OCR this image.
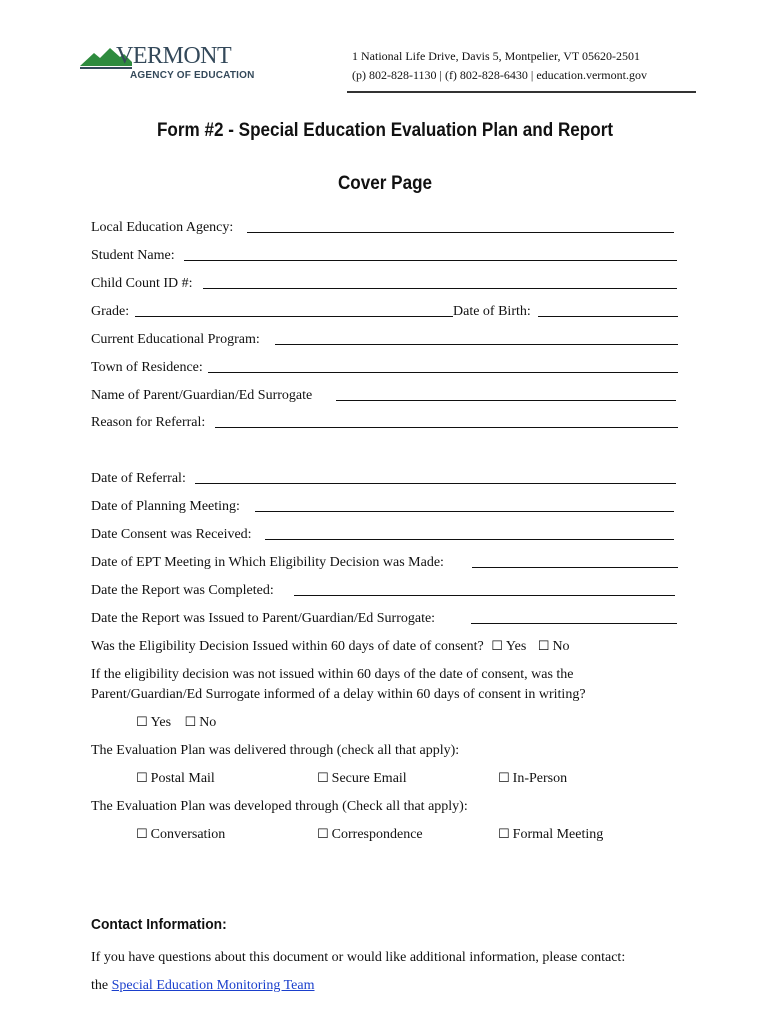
VERMONT
AGENCY OF EDUCATION
1 National Life Drive, Davis 5, Montpelier, VT 05620-2501
(p) 802-828-1130 | (f) 802-828-6430 | education.vermont.gov
Form #2 - Special Education Evaluation Plan and Report
Cover Page
Local Education Agency:
Student Name:
Child Count ID #:
Grade:	Date of Birth:
Current Educational Program:
Town of Residence:
Name of Parent/Guardian/Ed Surrogate
Reason for Referral:
Date of Referral:
Date of Planning Meeting:
Date Consent was Received:
Date of EPT Meeting in Which Eligibility Decision was Made:
Date the Report was Completed:
Date the Report was Issued to Parent/Guardian/Ed Surrogate:
Was the Eligibility Decision Issued within 60 days of date of consent? ☐ Yes ☐ No
If the eligibility decision was not issued within 60 days of the date of consent, was the
Parent/Guardian/Ed Surrogate informed of a delay within 60 days of consent in writing?
☐ Yes ☐ No
The Evaluation Plan was delivered through (check all that apply):
☐ Postal Mail	☐ Secure Email	☐ In-Person
The Evaluation Plan was developed through (Check all that apply):
☐ Conversation	☐ Correspondence	☐ Formal Meeting
Contact Information:
If you have questions about this document or would like additional information, please contact:
the Special Education Monitoring Team
